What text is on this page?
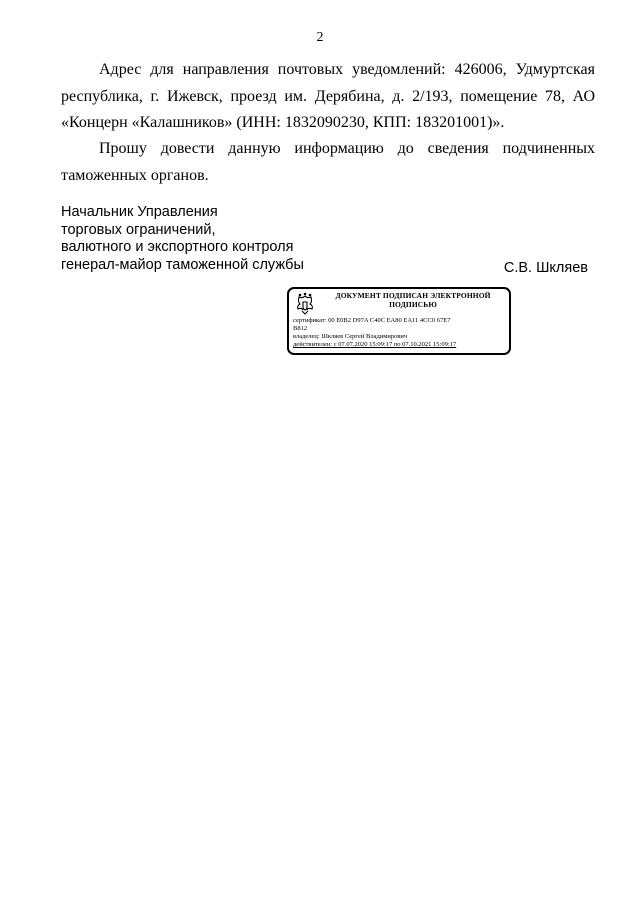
2
Адрес для направления почтовых уведомлений: 426006, Удмуртская республика, г. Ижевск, проезд им. Дерябина, д. 2/193, помещение 78, АО «Концерн «Калашников» (ИНН: 1832090230, КПП: 183201001)».
Прошу довести данную информацию до сведения подчиненных таможенных органов.
Начальник Управления
торговых ограничений,
валютного и экспортного контроля
генерал-майор таможенной службы	С.В. Шкляев
ДОКУМЕНТ ПОДПИСАН ЭЛЕКТРОННОЙ
ПОДПИСЬЮ
сертификат: 00 E0B2 D97A C40C EA80 EA11 4CC0 67E7
B812
владелец: Шкляев Сергей Владимирович
действителен: с 07.07.2020 15:09:17 по 07.10.2021 15:09:17
